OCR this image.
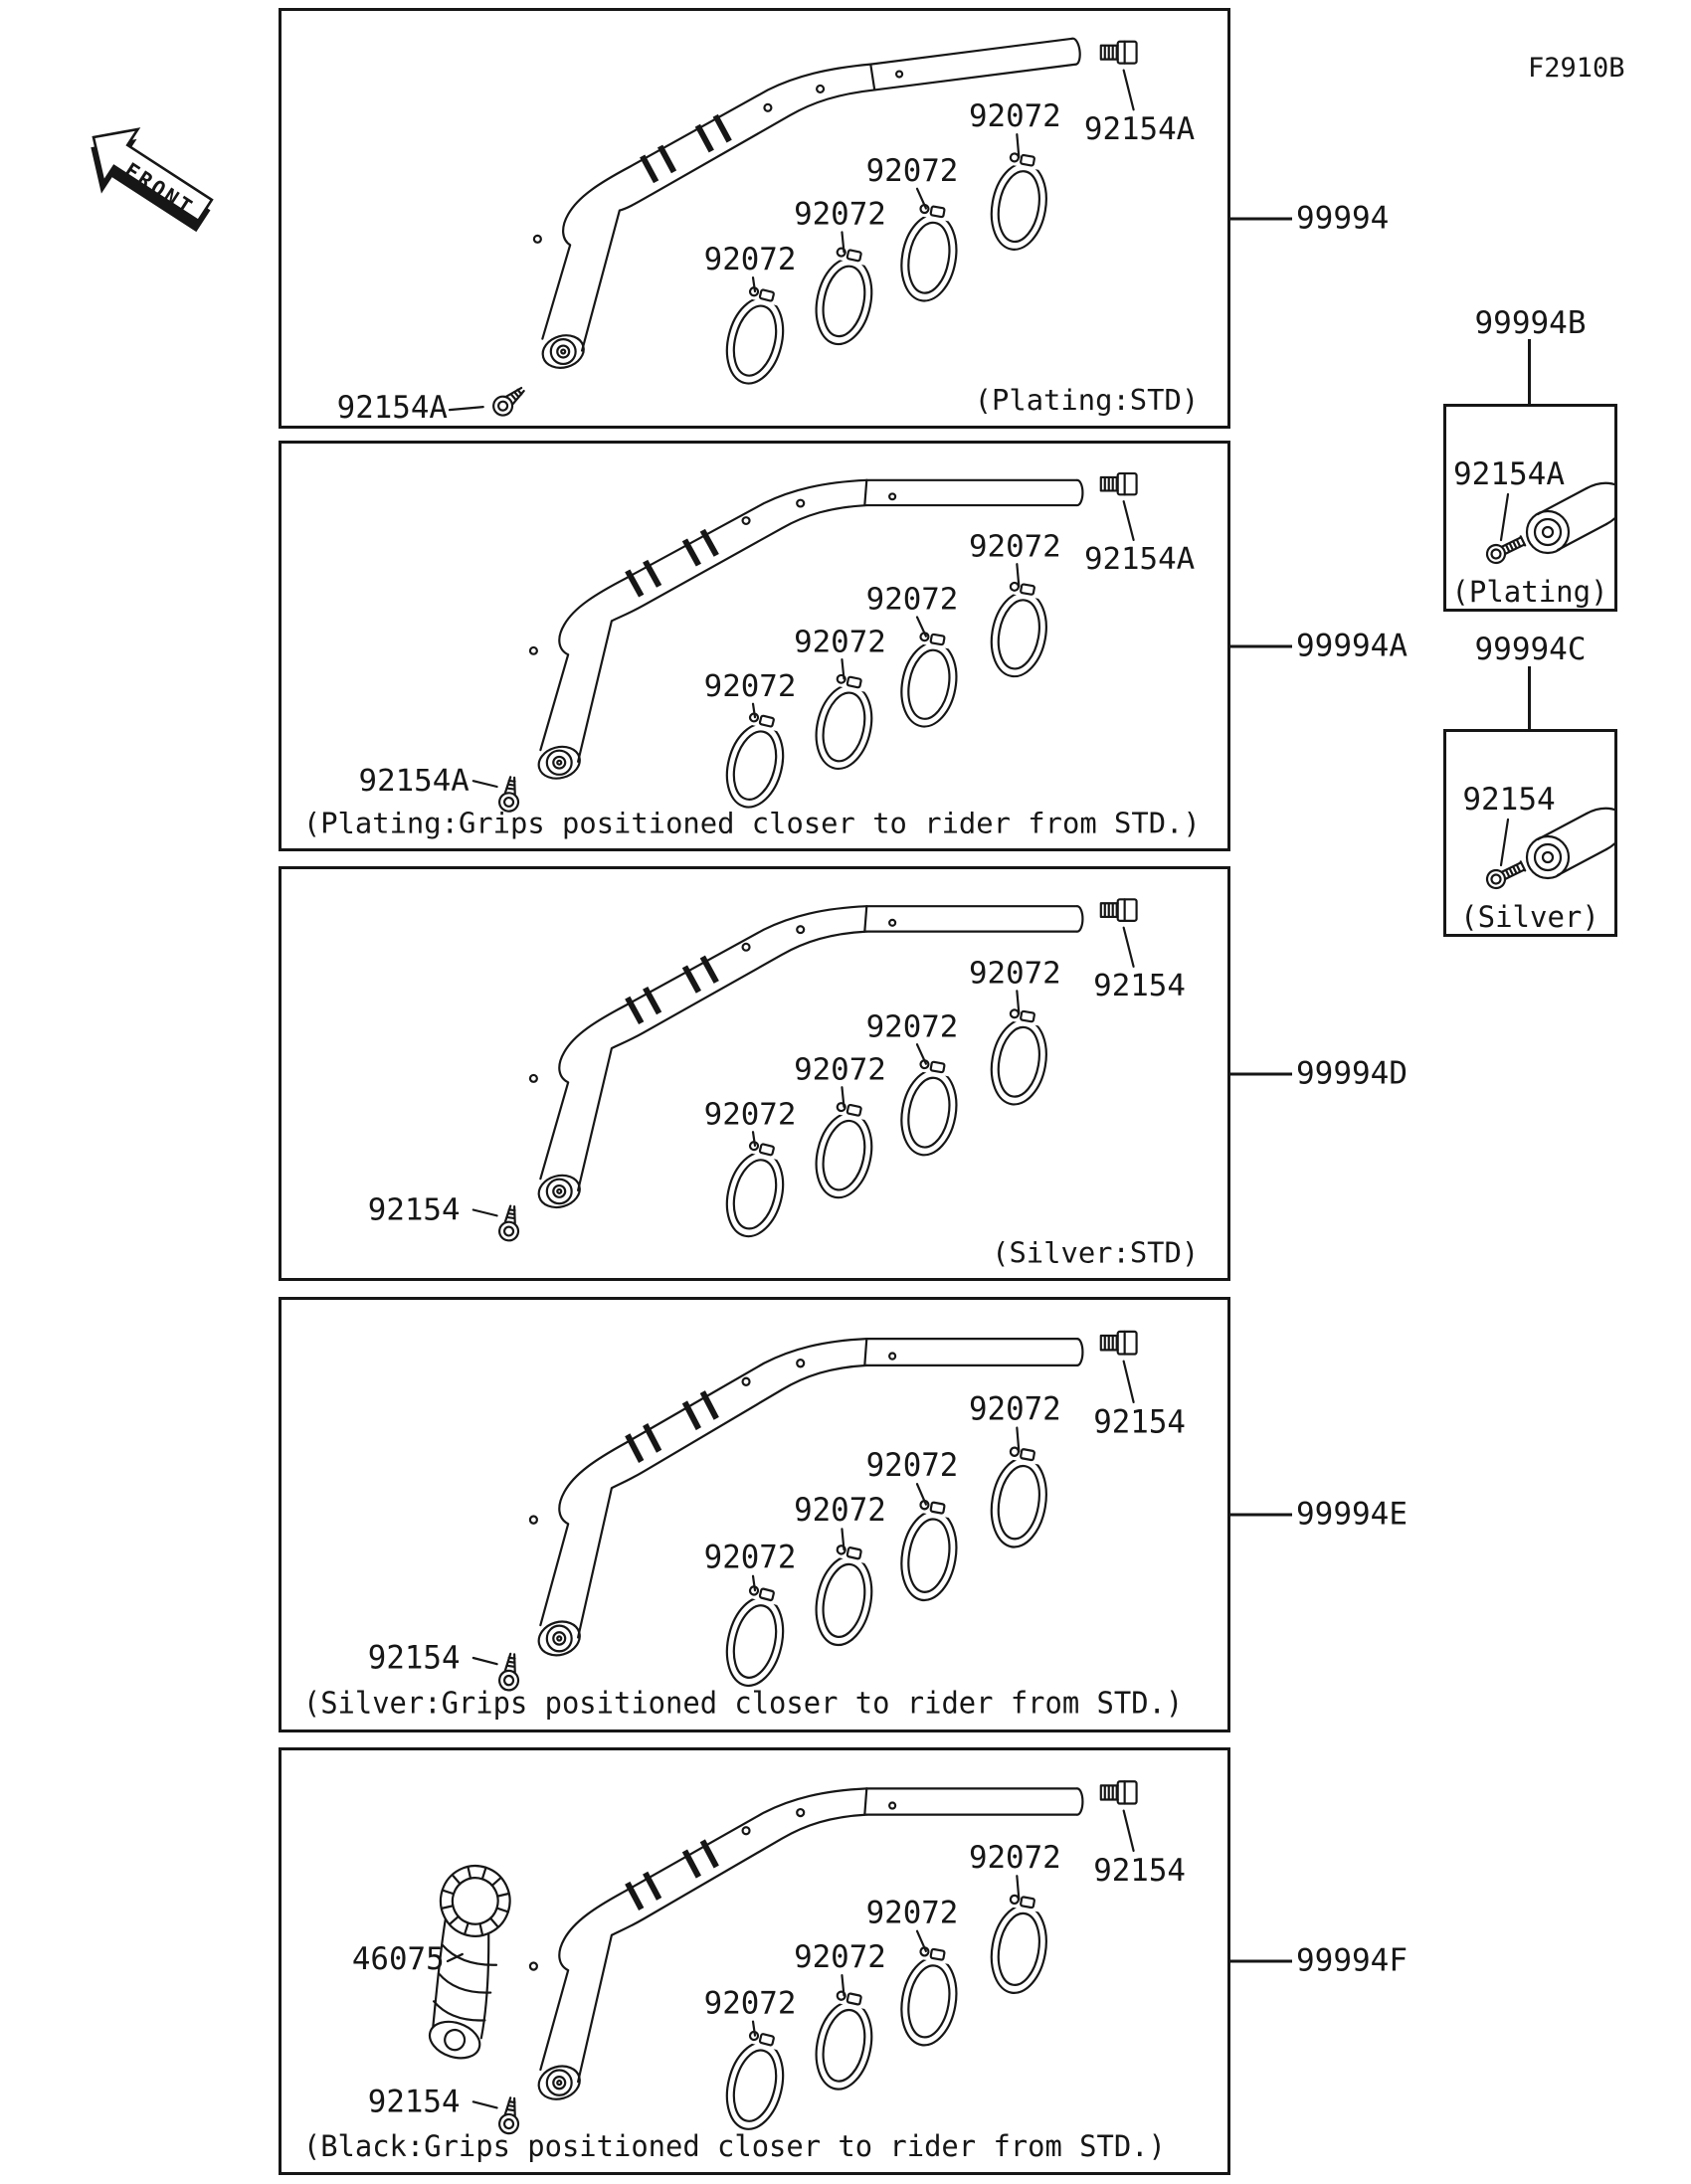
F2910B
FRONT
99994B
92154A
(Plating)
99994C
92154
(Silver)
92072
92072
92072
92072 92154A
92154A	(Plating:STD)
99994
92072
92072
92072
92072 92154A
92154A
(Plating:Grips positioned closer to rider from STD.)
99994A
92072
92072
92072
92072 92154
92154
(Silver:STD)
99994D
92072
92072
92072
92072 92154
92154
(Silver:Grips positioned closer to rider from STD.)
99994E
46075
92072
92072
92072
92072 92154
92154
(Black:Grips positioned closer to rider from STD.)
99994F
